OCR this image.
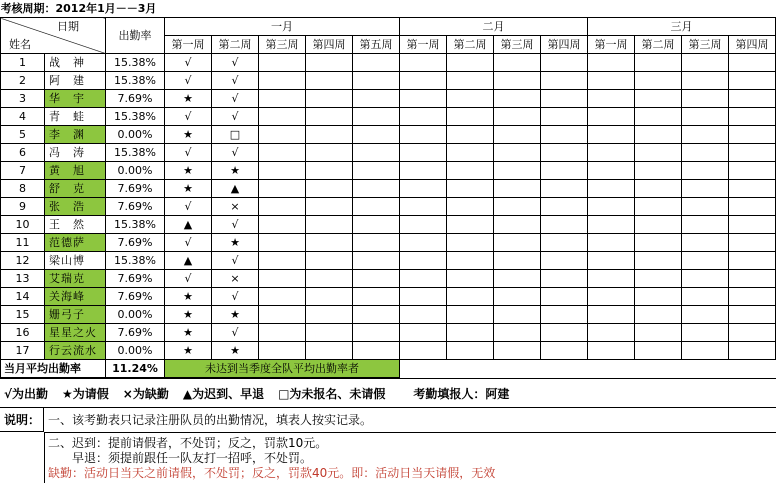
考核周期：2012年1月－－3月															

日期
姓名		出勤率	一月					二月				三月			
			第一周	第二周	第三周	第四周	第五周	第一周	第二周	第三周	第四周	第一周	第二周	第三周	第四周
1	战　神	15.38%	√	√											
2	阿　建	15.38%	√	√											
3	华　宇	7.69%	★	√											
4	青　蛙	15.38%	√	√											
5	李　渊	0.00%	★	□											
6	冯　涛	15.38%	√	√											
7	黄　旭	0.00%	★	★											
8	舒　克	7.69%	★	▲											
9	张　浩	7.69%	√	×											
10	王　然	15.38%	▲	√											
11	范德萨	7.69%	√	★											
12	梁山博	15.38%	▲	√											
13	艾瑞克	7.69%	√	×											
14	关海峰	7.69%	★	√											
15	姗弓子	0.00%	★	★											
16	星星之火	7.69%	★	√											
17	行云流水	0.00%	★	★											
当月平均出勤率		11.24%	未达到当季度全队平均出勤率者												
√为出勤 ★为请假 ×为缺勤 ▲为迟到、早退 □为未报名、未请假 考勤填报人：阿建
说明： 一、该考勤表只记录注册队员的出勤情况，填表人按实记录。
二、迟到：提前请假者，不处罚；反之，罚款10元。
　　早退：须提前跟任一队友打一招呼，不处罚。
缺勤：活动日当天之前请假，不处罚；反之，罚款40元。即：活动日当天请假，无效
